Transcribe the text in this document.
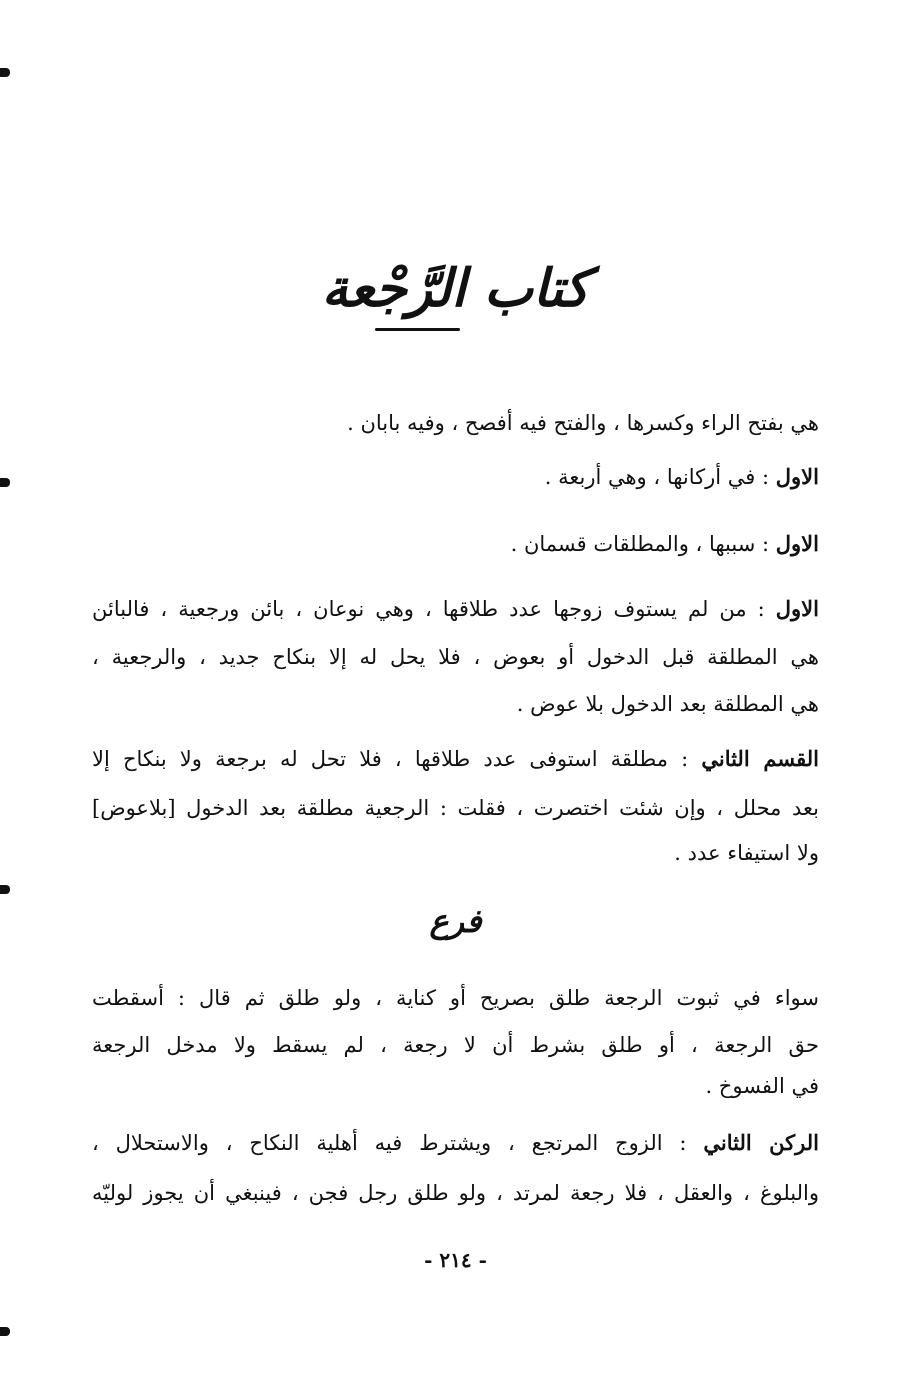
كتاب الرَّجْعة
هي بفتح الراء وكسرها ، والفتح فيه أفصح ، وفيه بابان .
الاول : في أركانها ، وهي أربعة .
الاول : سببها ، والمطلقات قسمان .
الاول : من لم يستوف زوجها عدد طلاقها ، وهي نوعان ، بائن ورجعية ، فالبائن
هي المطلقة قبل الدخول أو بعوض ، فلا يحل له إلا بنكاح جديد ، والرجعية ،
هي المطلقة بعد الدخول بلا عوض .
القسم الثاني : مطلقة استوفى عدد طلاقها ، فلا تحل له برجعة ولا بنكاح إلا
بعد محلل ، وإن شئت اختصرت ، فقلت : الرجعية مطلقة بعد الدخول [بلاعوض]
ولا استيفاء عدد .
فرع
سواء في ثبوت الرجعة طلق بصريح أو كناية ، ولو طلق ثم قال : أسقطت
حق الرجعة ، أو طلق بشرط أن لا رجعة ، لم يسقط ولا مدخل الرجعة
في الفسوخ .
الركن الثاني : الزوج المرتجع ، ويشترط فيه أهلية النكاح ، والاستحلال ،
والبلوغ ، والعقل ، فلا رجعة لمرتد ، ولو طلق رجل فجن ، فينبغي أن يجوز لوليّه
- ٢١٤ -
